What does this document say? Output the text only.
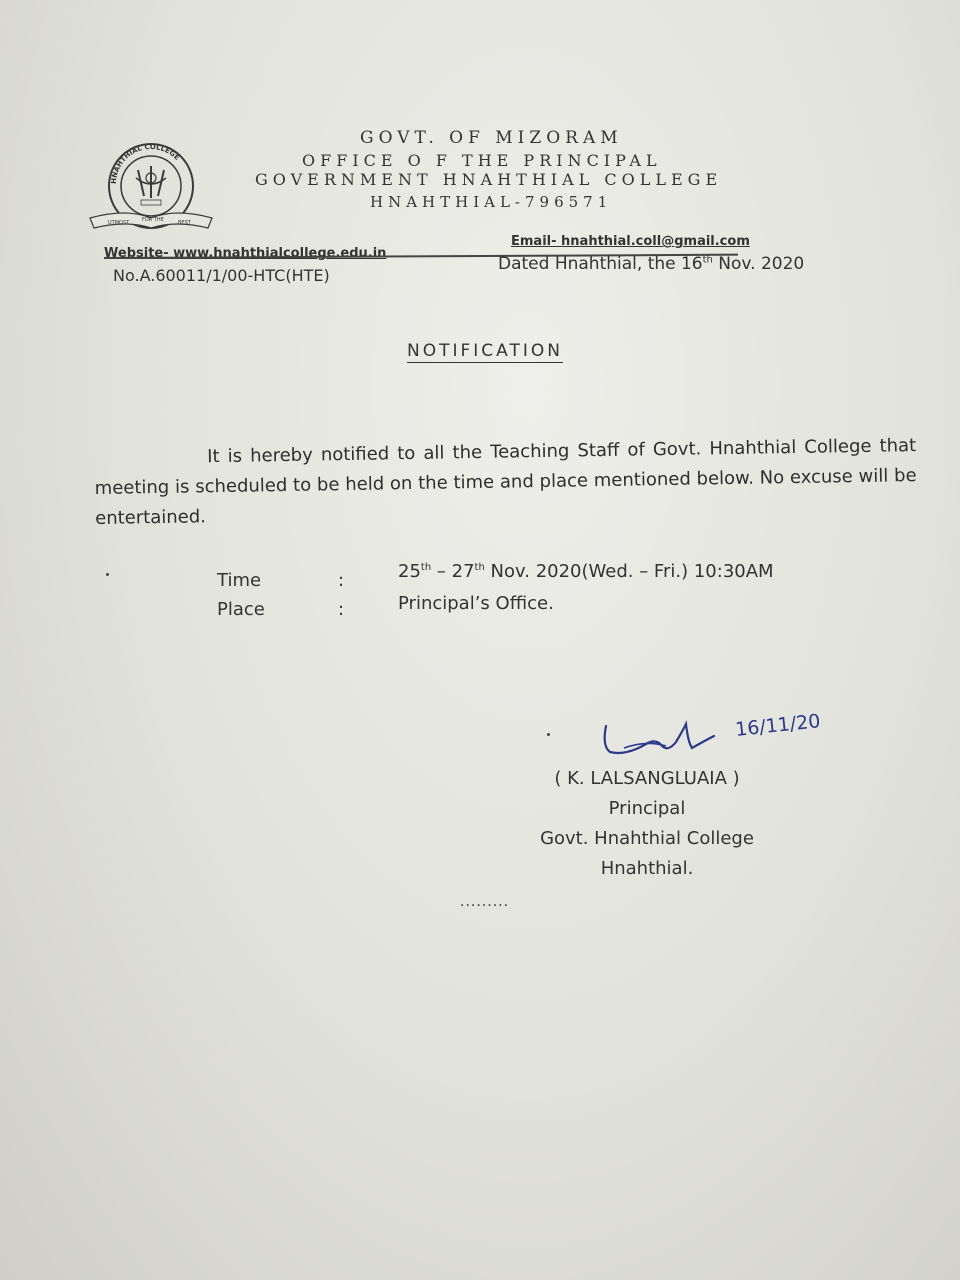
HNAHTHIAL COLLEGE
UTMOST	FOR THE	BEST
GOVT. OF MIZORAM
OFFICE O F THE PRINCIPAL
GOVERNMENT HNAHTHIAL COLLEGE
HNAHTHIAL-796571
Website- www.hnahthialcollege.edu.in
Email- hnahthial.coll@gmail.com
No.A.60011/1/00-HTC(HTE)
Dated Hnahthial, the 16th Nov. 2020
NOTIFICATION
It is hereby notified to all the Teaching Staff of Govt. Hnahthial College that meeting is scheduled to be held on the time and place mentioned below. No excuse will be entertained.
Time	:	25th – 27th Nov. 2020(Wed. – Fri.) 10:30AM
Place	:	Principal’s Office.
16/11/20
( K. LALSANGLUAIA )
Principal
Govt. Hnahthial College
Hnahthial.
.........
